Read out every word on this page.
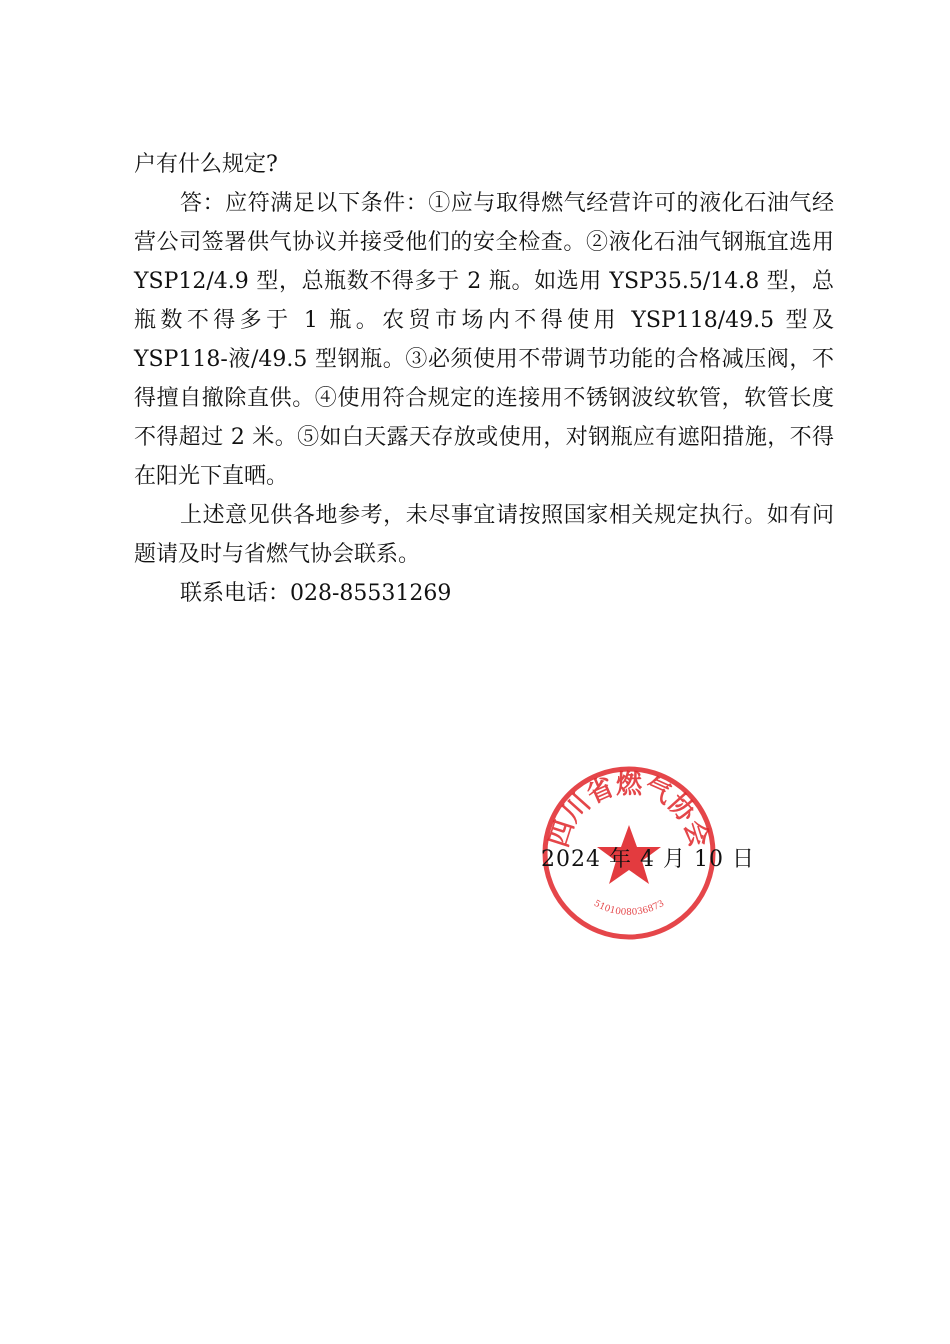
户有什么规定?

答：应符满足以下条件：①应与取得燃气经营许可的液化石油气经营公司签署供气协议并接受他们的安全检查。②液化石油气钢瓶宜选用 YSP12/4.9 型，总瓶数不得多于 2 瓶。如选用 YSP35.5/14.8 型，总瓶数不得多于 1 瓶。农贸市场内不得使用 YSP118/49.5 型及 YSP118-液/49.5 型钢瓶。③必须使用不带调节功能的合格减压阀，不得擅自撤除直供。④使用符合规定的连接用不锈钢波纹软管，软管长度不得超过 2 米。⑤如白天露天存放或使用，对钢瓶应有遮阳措施，不得在阳光下直晒。

上述意见供各地参考，未尽事宜请按照国家相关规定执行。如有问题请及时与省燃气协会联系。

联系电话：028-85531269

四川省燃气协会
5101008036873
2024 年 4 月 10 日
